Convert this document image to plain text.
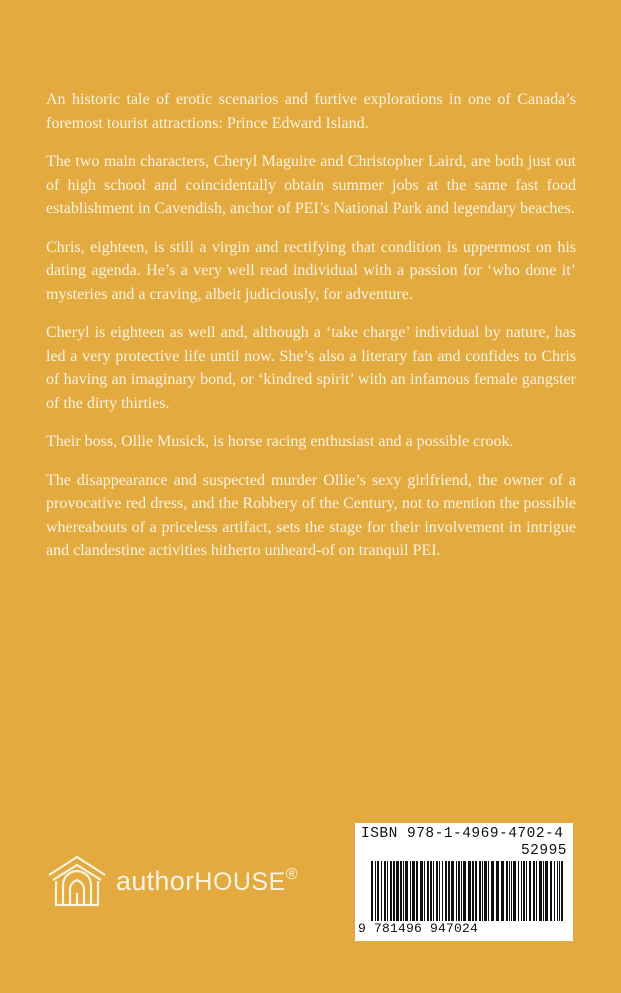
An historic tale of erotic scenarios and furtive explorations in one of Canada’s foremost tourist attractions: Prince Edward Island.

The two main characters, Cheryl Maguire and Christopher Laird, are both just out of high school and coincidentally obtain summer jobs at the same fast food establishment in Cavendish, anchor of PEI’s National Park and legendary beaches.

Chris, eighteen, is still a virgin and rectifying that condition is uppermost on his dating agenda. He’s a very well read individual with a passion for ‘who done it’ mysteries and a craving, albeit judiciously, for adventure.

Cheryl is eighteen as well and, although a ‘take charge’ individual by nature, has led a very protective life until now. She’s also a literary fan and confides to Chris of having an imaginary bond, or ‘kindred spirit’ with an infamous female gangster of the dirty thirties.

Their boss, Ollie Musick, is horse racing enthusiast and a possible crook.

The disappearance and suspected murder Ollie’s sexy girlfriend, the owner of a provocative red dress, and the Robbery of the Century, not to mention the possible whereabouts of a priceless artifact, sets the stage for their involvement in intrigue and clandestine activities hitherto unheard-of on tranquil PEI.

authorHOUSE®
ISBN 978-1-4969-4702-4
52995
9 781496 947024
